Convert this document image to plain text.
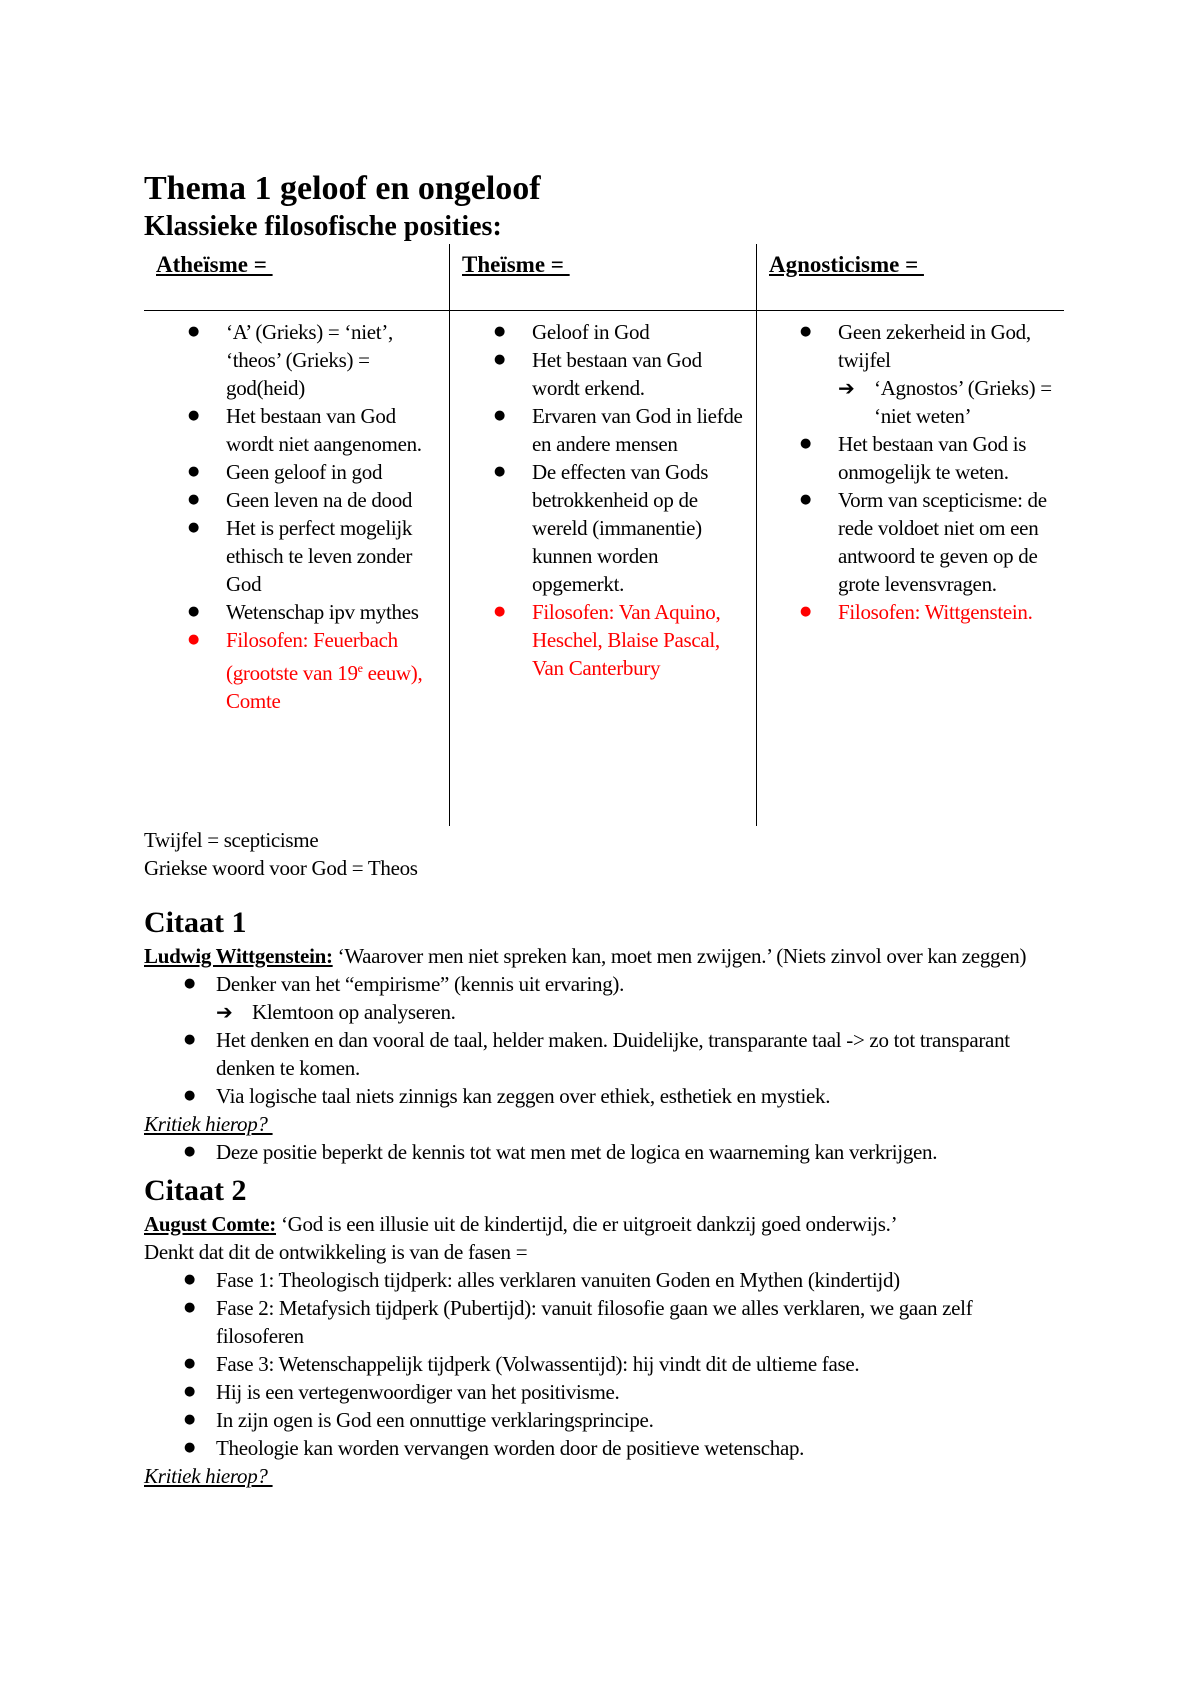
Thema 1 geloof en ongeloof
Klassieke filosofische posities:
Atheïsme =	Theïsme =	Agnosticisme =
● ‘A’ (Grieks) = ‘niet’, ‘theos’ (Grieks) = god(heid)
● Het bestaan van God wordt niet aangenomen.
● Geen geloof in god
● Geen leven na de dood
● Het is perfect mogelijk ethisch te leven zonder God
● Wetenschap ipv mythes
● Filosofen: Feuerbach (grootste van 19e eeuw), Comte
● Geloof in God
● Het bestaan van God wordt erkend.
● Ervaren van God in liefde en andere mensen
● De effecten van Gods betrokkenheid op de wereld (immanentie) kunnen worden opgemerkt.
● Filosofen: Van Aquino, Heschel, Blaise Pascal, Van Canterbury
● Geen zekerheid in God, twijfel
➔ ‘Agnostos’ (Grieks) = ‘niet weten’
● Het bestaan van God is onmogelijk te weten.
● Vorm van scepticisme: de rede voldoet niet om een antwoord te geven op de grote levensvragen.
● Filosofen: Wittgenstein.
Twijfel = scepticisme
Griekse woord voor God = Theos
Citaat 1
Ludwig Wittgenstein: ‘Waarover men niet spreken kan, moet men zwijgen.’ (Niets zinvol over kan zeggen)
● Denker van het “empirisme” (kennis uit ervaring).
➔ Klemtoon op analyseren.
● Het denken en dan vooral de taal, helder maken. Duidelijke, transparante taal -> zo tot transparant denken te komen.
● Via logische taal niets zinnigs kan zeggen over ethiek, esthetiek en mystiek.
Kritiek hierop?
● Deze positie beperkt de kennis tot wat men met de logica en waarneming kan verkrijgen.
Citaat 2
August Comte: ‘God is een illusie uit de kindertijd, die er uitgroeit dankzij goed onderwijs.’
Denkt dat dit de ontwikkeling is van de fasen =
● Fase 1: Theologisch tijdperk: alles verklaren vanuiten Goden en Mythen (kindertijd)
● Fase 2: Metafysich tijdperk (Pubertijd): vanuit filosofie gaan we alles verklaren, we gaan zelf filosoferen
● Fase 3: Wetenschappelijk tijdperk (Volwassentijd): hij vindt dit de ultieme fase.
● Hij is een vertegenwoordiger van het positivisme.
● In zijn ogen is God een onnuttige verklaringsprincipe.
● Theologie kan worden vervangen worden door de positieve wetenschap.
Kritiek hierop?
